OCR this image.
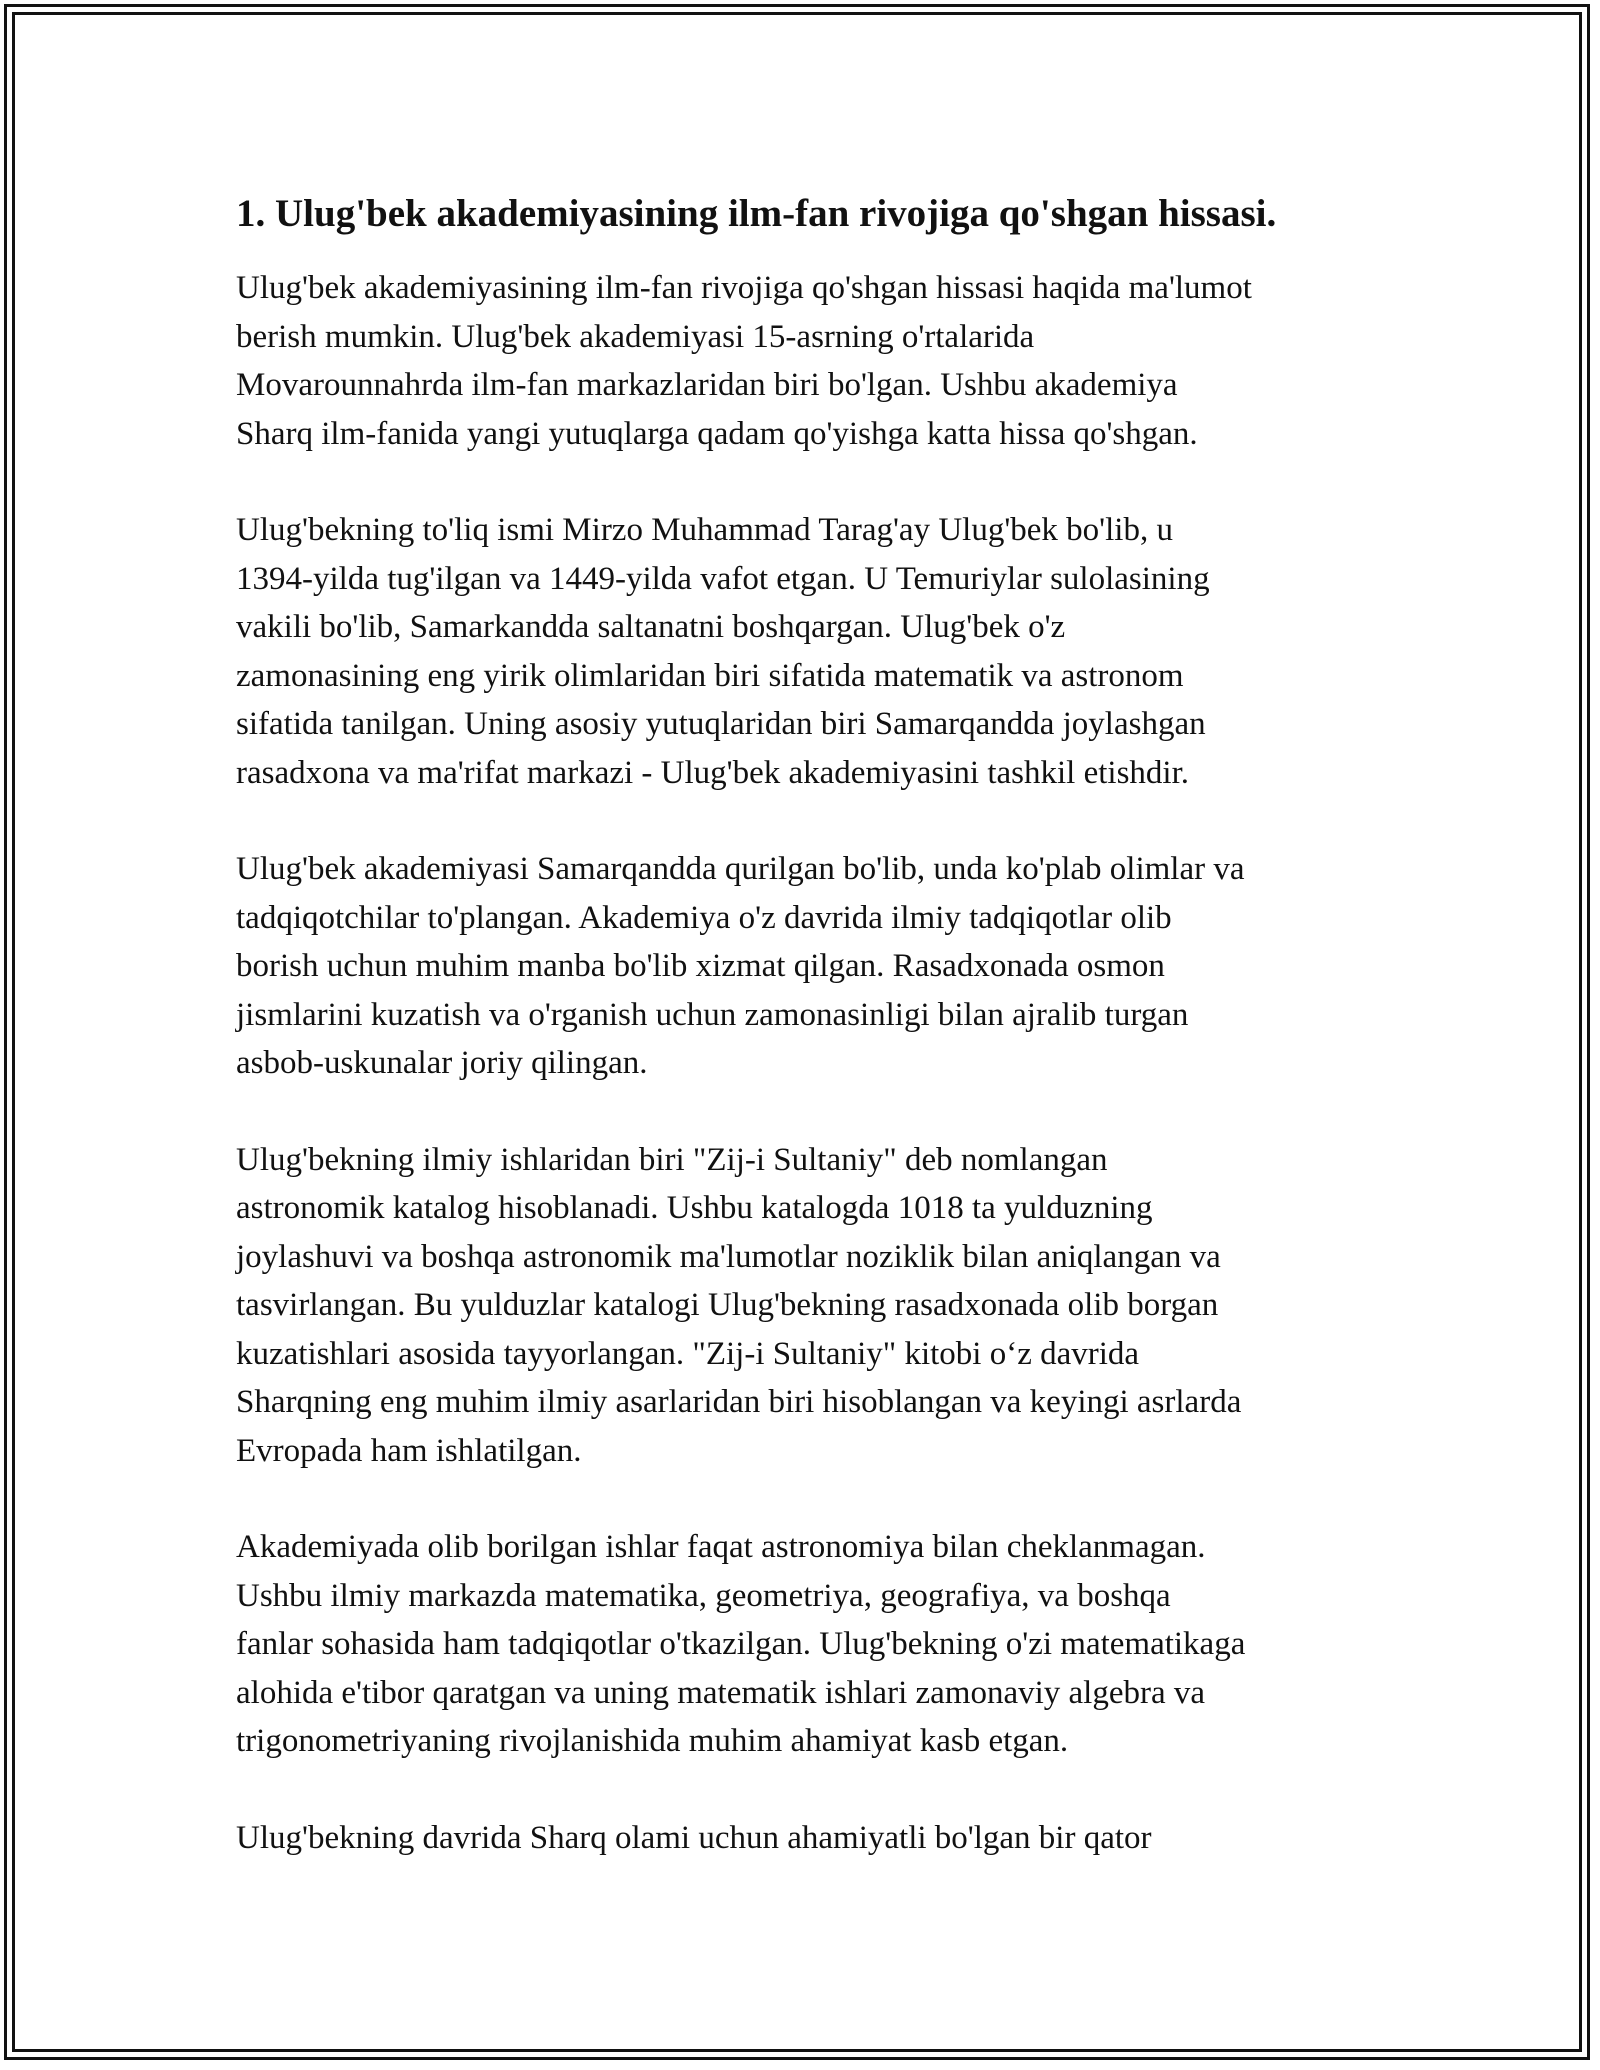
1. Ulug'bek akademiyasining ilm-fan rivojiga qo'shgan hissasi.

Ulug'bek akademiyasining ilm-fan rivojiga qo'shgan hissasi haqida ma'lumot
berish mumkin. Ulug'bek akademiyasi 15-asrning o'rtalarida
Movarounnahrda ilm-fan markazlaridan biri bo'lgan. Ushbu akademiya
Sharq ilm-fanida yangi yutuqlarga qadam qo'yishga katta hissa qo'shgan.

Ulug'bekning to'liq ismi Mirzo Muhammad Tarag'ay Ulug'bek bo'lib, u
1394-yilda tug'ilgan va 1449-yilda vafot etgan. U Temuriylar sulolasining
vakili bo'lib, Samarkandda saltanatni boshqargan. Ulug'bek o'z
zamonasining eng yirik olimlaridan biri sifatida matematik va astronom
sifatida tanilgan. Uning asosiy yutuqlaridan biri Samarqandda joylashgan
rasadxona va ma'rifat markazi - Ulug'bek akademiyasini tashkil etishdir.

Ulug'bek akademiyasi Samarqandda qurilgan bo'lib, unda ko'plab olimlar va
tadqiqotchilar to'plangan. Akademiya o'z davrida ilmiy tadqiqotlar olib
borish uchun muhim manba bo'lib xizmat qilgan. Rasadxonada osmon
jismlarini kuzatish va o'rganish uchun zamonasinligi bilan ajralib turgan
asbob-uskunalar joriy qilingan.

Ulug'bekning ilmiy ishlaridan biri "Zij-i Sultaniy" deb nomlangan
astronomik katalog hisoblanadi. Ushbu katalogda 1018 ta yulduzning
joylashuvi va boshqa astronomik ma'lumotlar noziklik bilan aniqlangan va
tasvirlangan. Bu yulduzlar katalogi Ulug'bekning rasadxonada olib borgan
kuzatishlari asosida tayyorlangan. "Zij-i Sultaniy" kitobi o‘z davrida
Sharqning eng muhim ilmiy asarlaridan biri hisoblangan va keyingi asrlarda
Evropada ham ishlatilgan.

Akademiyada olib borilgan ishlar faqat astronomiya bilan cheklanmagan.
Ushbu ilmiy markazda matematika, geometriya, geografiya, va boshqa
fanlar sohasida ham tadqiqotlar o'tkazilgan. Ulug'bekning o'zi matematikaga
alohida e'tibor qaratgan va uning matematik ishlari zamonaviy algebra va
trigonometriyaning rivojlanishida muhim ahamiyat kasb etgan.

Ulug'bekning davrida Sharq olami uchun ahamiyatli bo'lgan bir qator
